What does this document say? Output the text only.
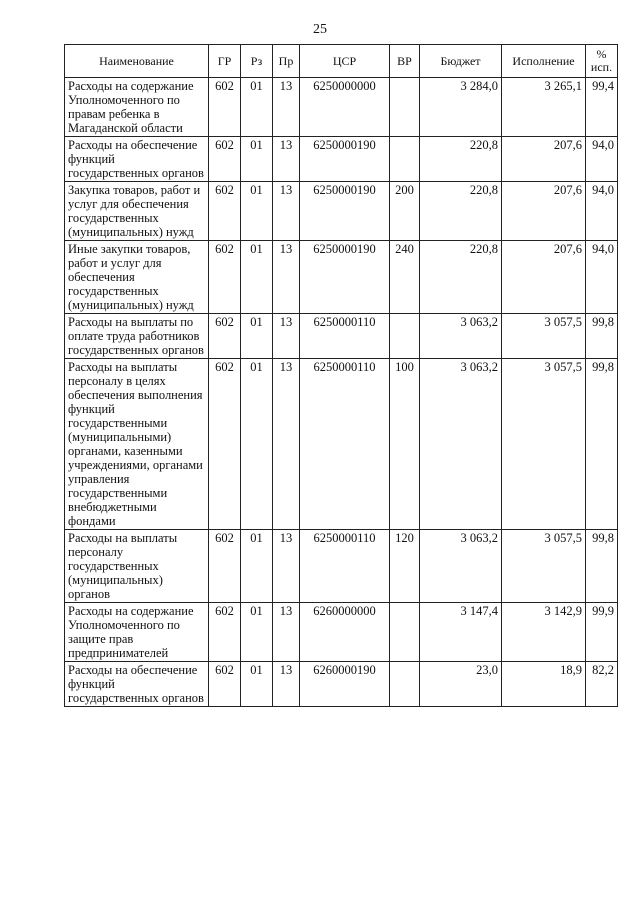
25
Наименование	ГР	Рз	Пр	ЦСР	ВР	Бюджет	Исполнение	% исп.
Расходы на содержание Уполномоченного по правам ребенка в Магаданской области	602	01	13	6250000000		3 284,0	3 265,1	99,4
Расходы на обеспечение функций государственных органов	602	01	13	6250000190		220,8	207,6	94,0
Закупка товаров, работ и услуг для обеспечения государственных (муниципальных) нужд	602	01	13	6250000190	200	220,8	207,6	94,0
Иные закупки товаров, работ и услуг для обеспечения государственных (муниципальных) нужд	602	01	13	6250000190	240	220,8	207,6	94,0
Расходы на выплаты по оплате труда работников государственных органов	602	01	13	6250000110		3 063,2	3 057,5	99,8
Расходы на выплаты персоналу в целях обеспечения выполнения функций государственными (муниципальными) органами, казенными учреждениями, органами управления государственными внебюджетными фондами	602	01	13	6250000110	100	3 063,2	3 057,5	99,8
Расходы на выплаты персоналу государственных (муниципальных) органов	602	01	13	6250000110	120	3 063,2	3 057,5	99,8
Расходы на содержание Уполномоченного по защите прав предпринимателей	602	01	13	6260000000		3 147,4	3 142,9	99,9
Расходы на обеспечение функций государственных органов	602	01	13	6260000190		23,0	18,9	82,2
